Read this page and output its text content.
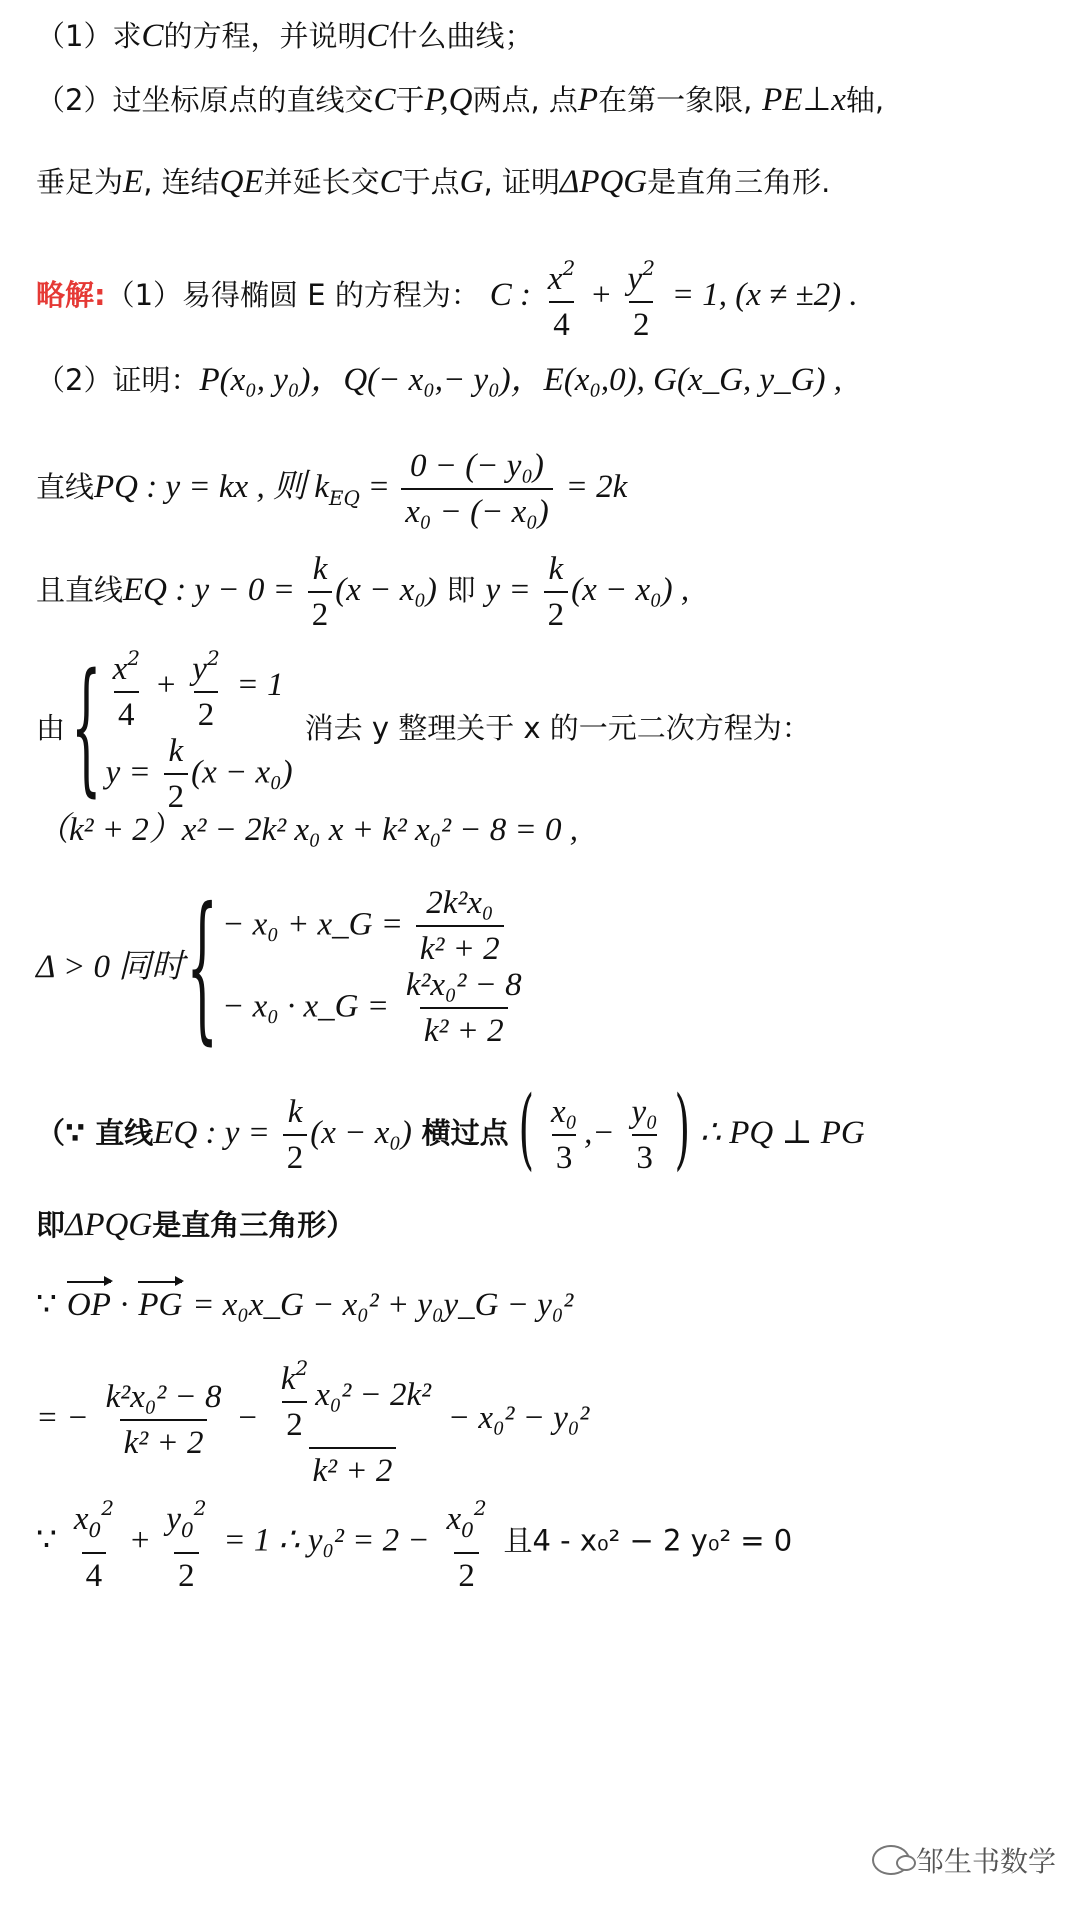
（1）求C的方程，并说明C什么曲线；
（2）过坐标原点的直线交C于P,Q两点, 点P在第一象限, PE⊥x轴,
垂足为E, 连结QE并延长交C于点G, 证明ΔPQG是直角三角形.
略解:（1）易得椭圆 E 的方程为： C : $\frac{x^2}{4} + \frac{y^2}{2} = 1$, (x ≠ ±2) .
（2）证明：P(x₀, y₀)，Q(− x₀,− y₀)，E(x₀,0), G(x_G, y_G) ,
直线PQ : y = kx , 则 $k_{EQ} = \frac{\text{0 − (− y₀)}}{\text{x₀ − (− x₀)}} = 2k$
且直线EQ : $y - 0 = \frac{k}{2} (x - x_0)$ 即 $y = \frac{k}{2} (x - x_0)$ ,
由 { $\frac{x^2}{4} + \frac{y^2}{2} = 1$
$y = \frac{k}{2} (x - x_0)$
消去 y 整理关于 x 的一元二次方程为：
（k² + 2）x² − 2k² x₀ x + k² x₀² − 8 = 0 ,
Δ > 0 同时 { − x₀ + x_G = $\frac{\text{2k²x₀}}{\text{k² + 2}}$
− x₀ · x_G = $\frac{\text{k²x₀² − 8}}{\text{k² + 2}}$
（∵ 直线EQ : $y = \frac{k}{2} (x - x_0)$ 横过点 ( $\frac{\text{x₀}}{3}$ ,− $\frac{\text{y₀}}{3}$ ) ∴ PQ ⊥ PG
即ΔPQG是直角三角形）
∵ OP · PG = x₀x_G − x₀² + y₀y_G − y₀²
= − $\frac{\text{k²x₀² − 8}}{\text{k² + 2}} - \frac{\frac{k^2}{2} x_0^2 - 2k^2}{\text{k² + 2}} - x_0^2 - y_0^2$
∵ $\frac{x_0^2}{4} + \frac{y_0^2}{2} = 1$ ∴ $y_0^2 = 2 - \frac{x_0^2}{2}$ 且4 - x₀² − 2 y₀² = 0
邹生书数学
